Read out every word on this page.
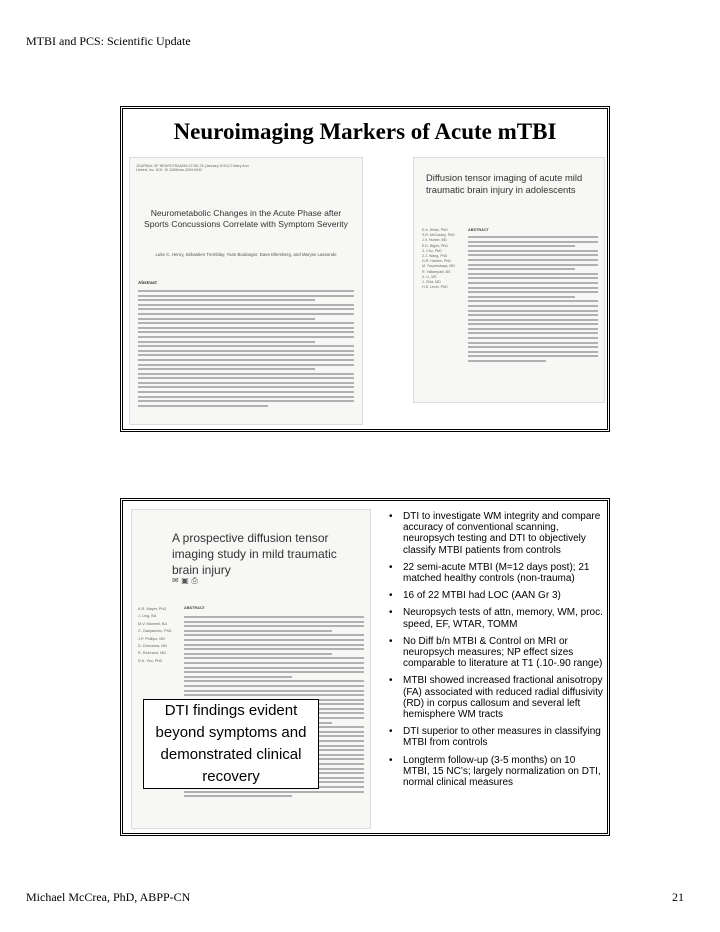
MTBI and PCS: Scientific Update
Neuroimaging Markers of Acute mTBI
JOURNAL OF NEUROTRAUMA 27:65–76 (January 2010) © Mary Ann Liebert, Inc. DOI: 10.1089/neu.2009.0942
Neurometabolic Changes in the Acute Phase after Sports Concussions Correlate with Symptom Severity
Luke C. Henry, Sébastien Tremblay, Yvan Boulanger, Dave Ellemberg, and Maryse Lassonde
Abstract
Diffusion tensor imaging of acute mild traumatic brain injury in adolescents
E.A. Wilde, PhD
S.R. McCauley, PhD
J.V. Hunter, MD
E.D. Bigler, PhD
Z. Chu, PhD
Z.J. Wang, PhD
G.R. Hanten, PhD
M. Troyanskaya, MD
R. Yallampalli, BS
X. Li, MS
J. Chia, MD
H.S. Levin, PhD
ABSTRACT
A prospective diffusion tensor imaging study in mild traumatic brain injury
✉ ▣ ⎙
A.R. Mayer, PhD
J. Ling, BA
M.V. Mannell, BA
C. Gasparovic, PhD
J.P. Phillips, MD
D. Doezema, MD
R. Reichard, MD
R.A. Yeo, PhD
ABSTRACT
DTI findings evident beyond symptoms and demonstrated clinical recovery
• DTI to investigate WM integrity and compare accuracy of conventional scanning, neuropsych testing and DTI to objectively classify MTBI patients from controls
• 22 semi-acute MTBI (M=12 days post); 21 matched healthy controls (non-trauma)
• 16 of 22 MTBI had LOC (AAN Gr 3)
• Neuropsych tests of attn, memory, WM, proc. speed, EF, WTAR, TOMM
• No Diff b/n MTBI & Control on MRI or neuropsych measures; NP effect sizes comparable to literature at T1 (.10-.90 range)
• MTBI showed increased fractional anisotropy (FA) associated with reduced radial diffusivity (RD) in corpus callosum and several left hemisphere WM tracts
• DTI superior to other measures in classifying MTBI from controls
• Longterm follow-up (3-5 months) on 10 MTBI, 15 NC’s; largely normalization on DTI, normal clinical measures
Michael McCrea, PhD, ABPP-CN	21
